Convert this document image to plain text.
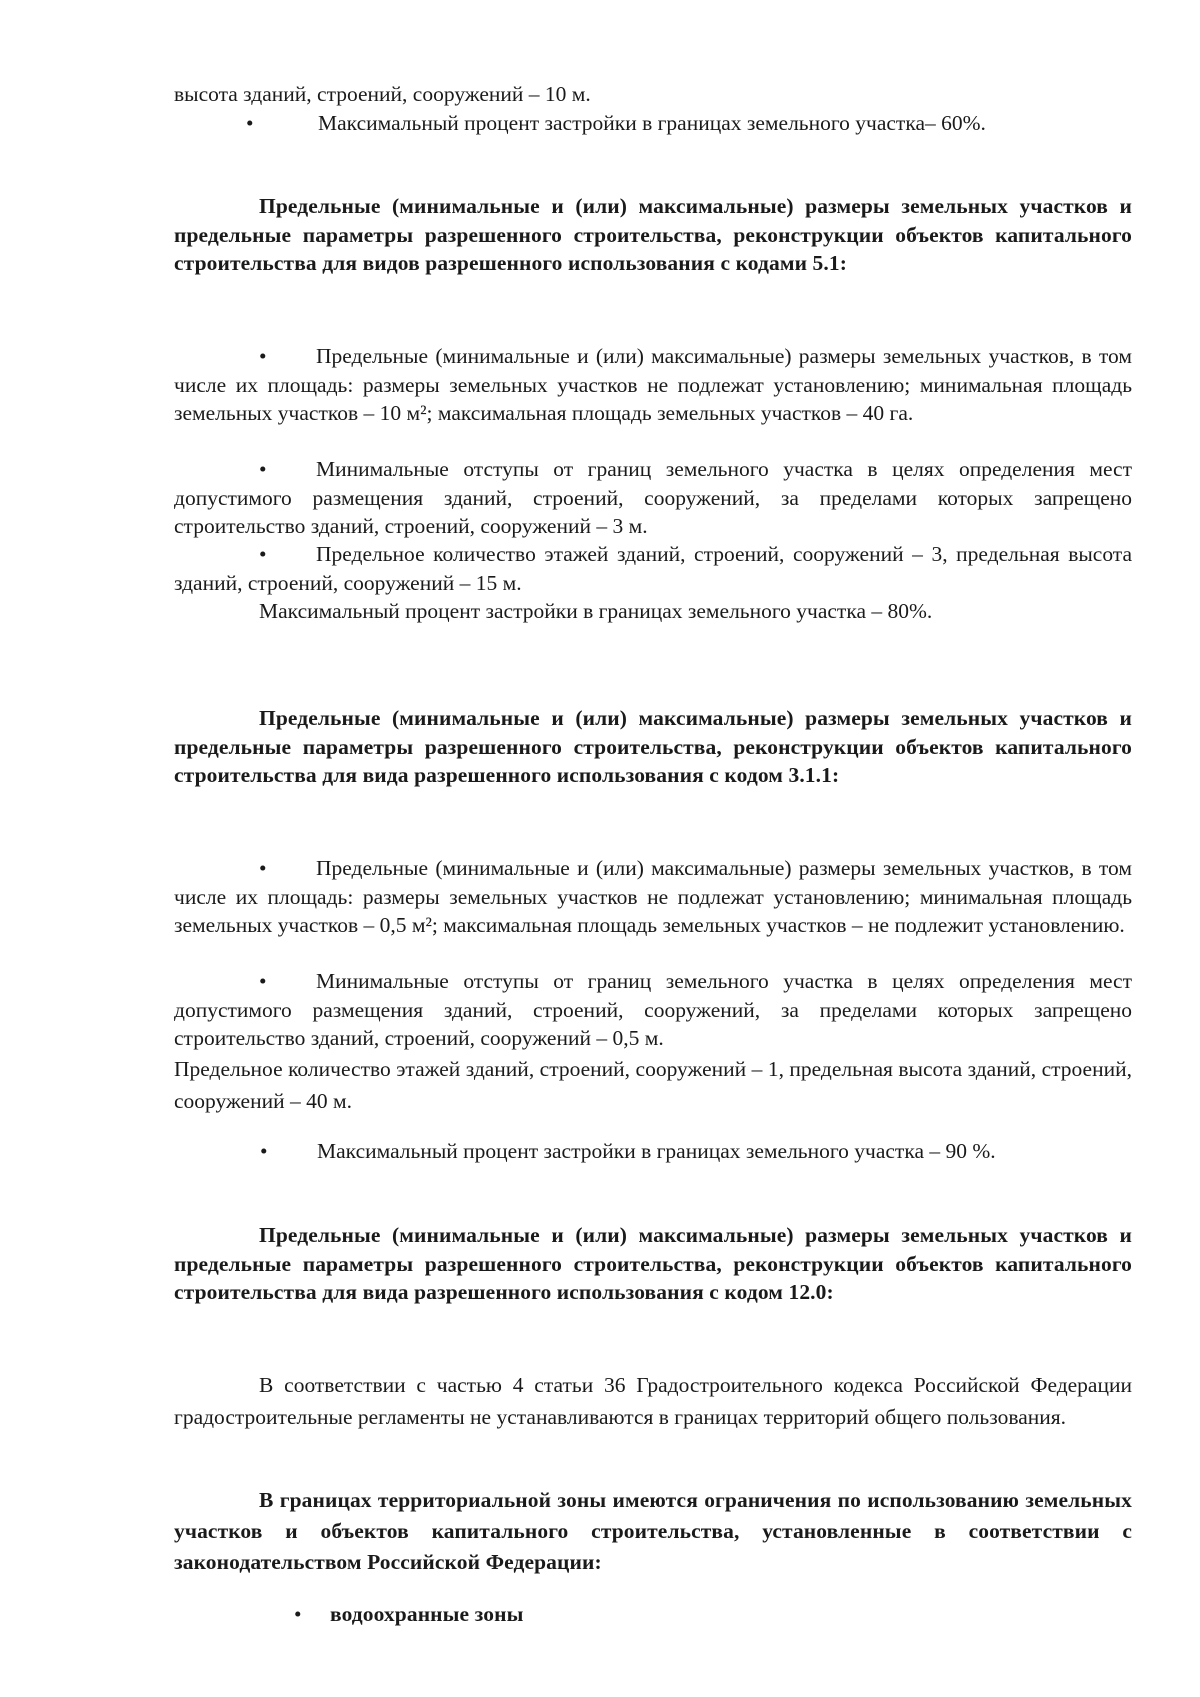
высота зданий, строений, сооружений – 10 м.
•	Максимальный процент застройки в границах земельного участка– 60%.
Предельные (минимальные и (или) максимальные) размеры земельных участков и предельные параметры разрешенного строительства, реконструкции объектов капитального строительства для видов разрешенного использования с кодами 5.1:
• Предельные (минимальные и (или) максимальные) размеры земельных участков, в том числе их площадь: размеры земельных участков не подлежат установлению; минимальная площадь земельных участков – 10 м²; максимальная площадь земельных участков – 40 га.
• Минимальные отступы от границ земельного участка в целях определения мест допустимого размещения зданий, строений, сооружений, за пределами которых запрещено строительство зданий, строений, сооружений – 3 м.
• Предельное количество этажей зданий, строений, сооружений – 3, предельная высота зданий, строений, сооружений – 15 м.
Максимальный процент застройки в границах земельного участка – 80%.
Предельные (минимальные и (или) максимальные) размеры земельных участков и предельные параметры разрешенного строительства, реконструкции объектов капитального строительства для вида разрешенного использования с кодом 3.1.1:
• Предельные (минимальные и (или) максимальные) размеры земельных участков, в том числе их площадь: размеры земельных участков не подлежат установлению; минимальная площадь земельных участков – 0,5 м²; максимальная площадь земельных участков – не подлежит установлению.
• Минимальные отступы от границ земельного участка в целях определения мест допустимого размещения зданий, строений, сооружений, за пределами которых запрещено строительство зданий, строений, сооружений – 0,5 м.
Предельное количество этажей зданий, строений, сооружений – 1, предельная высота зданий, строений, сооружений – 40 м.
• Максимальный процент застройки в границах земельного участка – 90 %.
Предельные (минимальные и (или) максимальные) размеры земельных участков и предельные параметры разрешенного строительства, реконструкции объектов капитального строительства для вида разрешенного использования с кодом 12.0:
В соответствии с частью 4 статьи 36 Градостроительного кодекса Российской Федерации градостроительные регламенты не устанавливаются в границах территорий общего пользования.
В границах территориальной зоны имеются ограничения по использованию земельных участков и объектов капитального строительства, установленные в соответствии с законодательством Российской Федерации:
• водоохранные зоны
